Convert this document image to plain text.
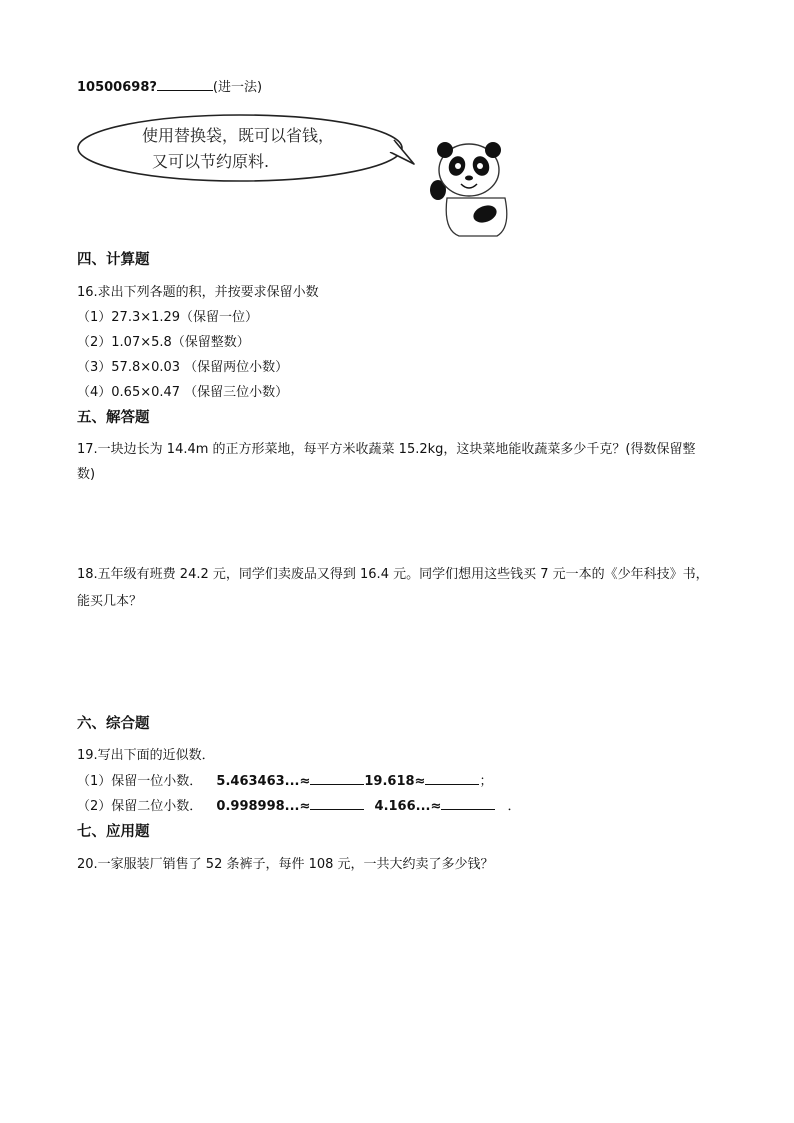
10500698?	(进一法)
使用替换袋，既可以省钱，
又可以节约原料.
四、计算题
16.求出下列各题的积，并按要求保留小数
（1）27.3×1.29（保留一位）
（2）1.07×5.8（保留整数）
（3）57.8×0.03 （保留两位小数）
（4）0.65×0.47 （保留三位小数）
五、解答题
17.一块边长为 14.4m 的正方形菜地，每平方米收蔬菜 15.2kg，这块菜地能收蔬菜多少千克？(得数保留整
数)
18.五年级有班费 24.2 元，同学们卖废品又得到 16.4 元。同学们想用这些钱买 7 元一本的《少年科技》书，
能买几本？
六、综合题
19.写出下面的近似数．
（1）保留一位小数． 5.463463...≈	19.618≈	；
（2）保留二位小数． 0.998998...≈	4.166...≈	．
七、应用题
20.一家服装厂销售了 52 条裤子，每件 108 元，一共大约卖了多少钱？
